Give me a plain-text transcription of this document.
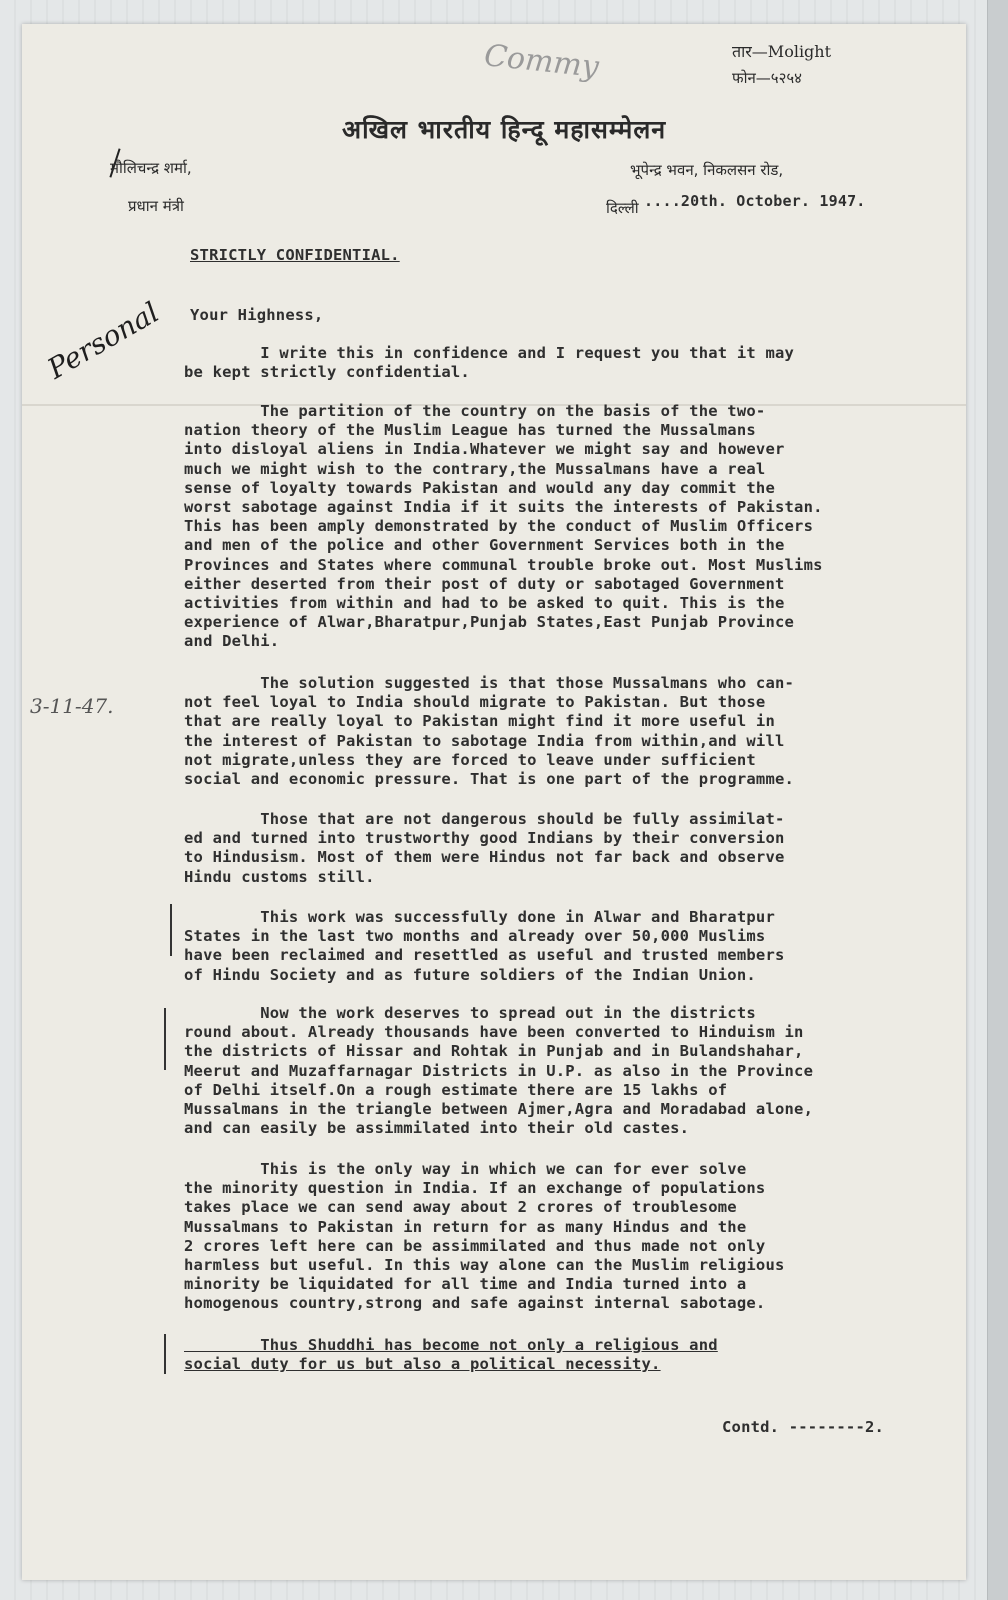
Commy	तार—Molight
फोन—५२५४
अखिल भारतीय हिन्दू महासम्मेलन
मौलिचन्द्र शर्मा,
प्रधान मंत्री
भूपेन्द्र भवन, निकलसन रोड,
दिल्ली ....20th. October. 1947.
STRICTLY CONFIDENTIAL.
Personal Your Highness,
I write this in confidence and I request you that it may
be kept strictly confidential.
The partition of the country on the basis of the two-
nation theory of the Muslim League has turned the Mussalmans
into disloyal aliens in India.Whatever we might say and however
much we might wish to the contrary,the Mussalmans have a real
sense of loyalty towards Pakistan and would any day commit the
worst sabotage against India if it suits the interests of Pakistan.
This has been amply demonstrated by the conduct of Muslim Officers
and men of the police and other Government Services both in the
Provinces and States where communal trouble broke out. Most Muslims
either deserted from their post of duty or sabotaged Government
activities from within and had to be asked to quit. This is the
experience of Alwar,Bharatpur,Punjab States,East Punjab Province
and Delhi.
3-11-47.
The solution suggested is that those Mussalmans who can-
not feel loyal to India should migrate to Pakistan. But those
that are really loyal to Pakistan might find it more useful in
the interest of Pakistan to sabotage India from within,and will
not migrate,unless they are forced to leave under sufficient
social and economic pressure. That is one part of the programme.
Those that are not dangerous should be fully assimilat-
ed and turned into trustworthy good Indians by their conversion
to Hindusism. Most of them were Hindus not far back and observe
Hindu customs still.
This work was successfully done in Alwar and Bharatpur
States in the last two months and already over 50,000 Muslims
have been reclaimed and resettled as useful and trusted members
of Hindu Society and as future soldiers of the Indian Union.
Now the work deserves to spread out in the districts
round about. Already thousands have been converted to Hinduism in
the districts of Hissar and Rohtak in Punjab and in Bulandshahar,
Meerut and Muzaffarnagar Districts in U.P. as also in the Province
of Delhi itself.On a rough estimate there are 15 lakhs of
Mussalmans in the triangle between Ajmer,Agra and Moradabad alone,
and can easily be assimmilated into their old castes.
This is the only way in which we can for ever solve
the minority question in India. If an exchange of populations
takes place we can send away about 2 crores of troublesome
Mussalmans to Pakistan in return for as many Hindus and the
2 crores left here can be assimmilated and thus made not only
harmless but useful. In this way alone can the Muslim religious
minority be liquidated for all time and India turned into a
homogenous country,strong and safe against internal sabotage.
Thus Shuddhi has become not only a religious and
social duty for us but also a political necessity.
Contd. --------2.
